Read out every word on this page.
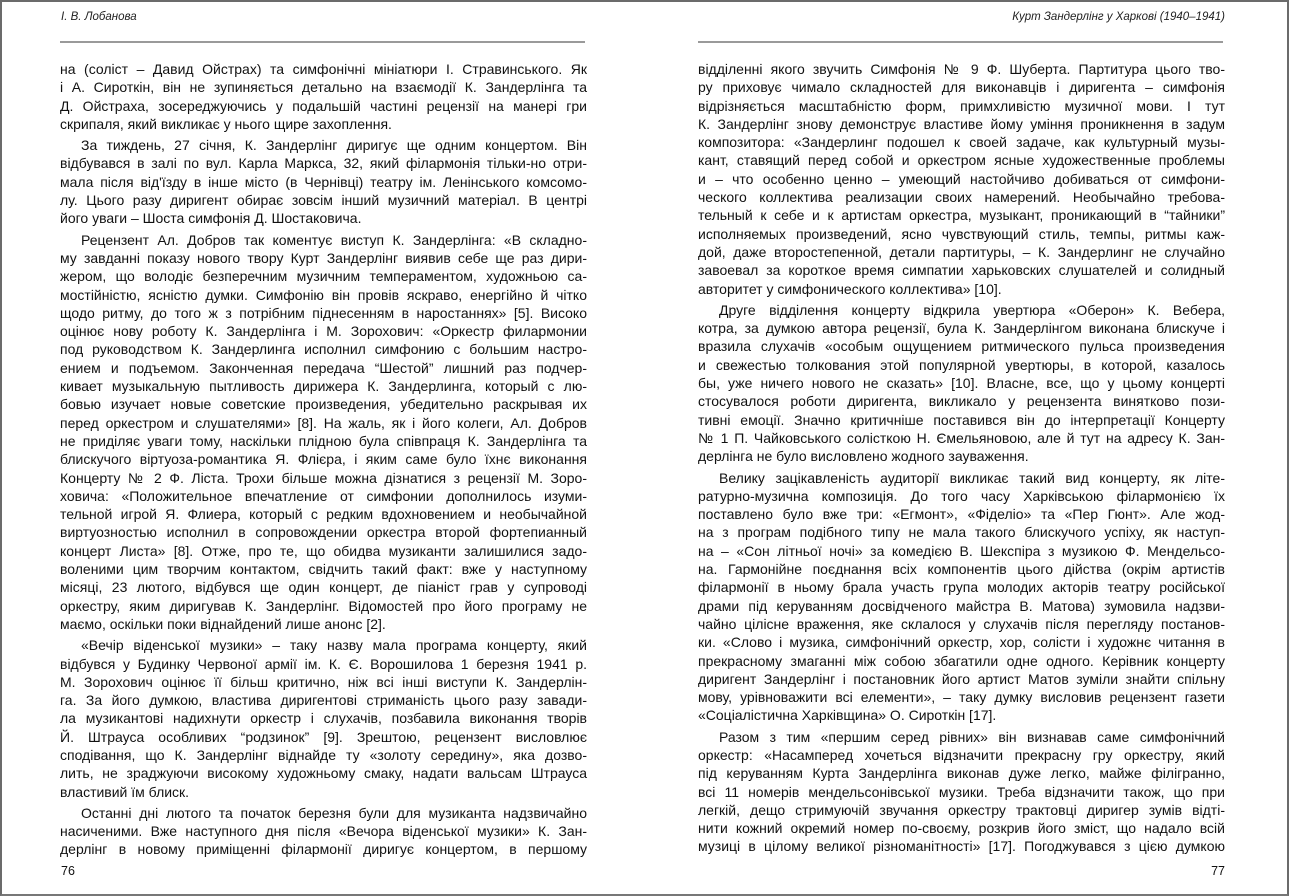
І. В. Лобанова
на (соліст – Давид Ойстрах) та симфонічні мініатюри І. Стравинського. Як
і А. Сироткін, він не зупиняється детально на взаємодії К. Зандерлінга та
Д. Ойстраха, зосереджуючись у подальшій частині рецензії на манері гри
скрипаля, який викликає у нього щире захоплення.
За тиждень, 27 січня, К. Зандерлінг диригує ще одним концертом. Він
відбувався в залі по вул. Карла Маркса, 32, який філармонія тільки-но отри-
мала після від'їзду в інше місто (в Чернівці) театру ім. Ленінського комсомо-
лу. Цього разу диригент обирає зовсім інший музичний матеріал. В центрі
його уваги – Шоста симфонія Д. Шостаковича.
Рецензент Ал. Добров так коментує виступ К. Зандерлінга: «В складно-
му завданні показу нового твору Курт Зандерлінг виявив себе ще раз дири-
жером, що володіє безперечним музичним темпераментом, художньою са-
мостійністю, ясністю думки. Симфонію він провів яскраво, енергійно й чітко
щодо ритму, до того ж з потрібним піднесенням в наростаннях» [5]. Високо
оцінює нову роботу К. Зандерлінга і М. Зорохович: «Оркестр филармонии
под руководством К. Зандерлинга исполнил симфонию с большим настро-
ением и подъемом. Законченная передача “Шестой” лишний раз подчер-
кивает музыкальную пытливость дирижера К. Зандерлинга, который с лю-
бовью изучает новые советские произведения, убедительно раскрывая их
перед оркестром и слушателями» [8]. На жаль, як і його колеги, Ал. Добров
не приділяє уваги тому, наскільки плідною була співпраця К. Зандерлінга та
блискучого віртуоза-романтика Я. Флієра, і яким саме було їхнє виконання
Концерту № 2 Ф. Ліста. Трохи більше можна дізнатися з рецензії М. Зоро-
ховича: «Положительное впечатление от симфонии дополнилось изуми-
тельной игрой Я. Флиера, который с редким вдохновением и необычайной
виртуозностью исполнил в сопровождении оркестра второй фортепианный
концерт Листа» [8]. Отже, про те, що обидва музиканти залишилися задо-
воленими цим творчим контактом, свідчить такий факт: вже у наступному
місяці, 23 лютого, відбувся ще один концерт, де піаніст грав у супроводі
оркестру, яким диригував К. Зандерлінг. Відомостей про його програму не
маємо, оскільки поки віднайдений лише анонс [2].
«Вечір віденської музики» – таку назву мала програма концерту, який
відбувся у Будинку Червоної армії ім. К. Є. Ворошилова 1 березня 1941 р.
М. Зорохович оцінює її більш критично, ніж всі інші виступи К. Зандерлін-
га. За його думкою, властива диригентові стриманість цього разу завади-
ла музикантові надихнути оркестр і слухачів, позбавила виконання творів
Й. Штрауса особливих “родзинок” [9]. Зрештою, рецензент висловлює
сподівання, що К. Зандерлінг віднайде ту «золоту середину», яка дозво-
лить, не зраджуючи високому художньому смаку, надати вальсам Штрауса
властивий їм блиск.
Останні дні лютого та початок березня були для музиканта надзвичайно
насиченими. Вже наступного дня після «Вечора віденської музики» К. Зан-
дерлінг в новому приміщенні філармонії диригує концертом, в першому
76
Курт Зандерлінг у Харкові (1940–1941)
відділенні якого звучить Симфонія № 9 Ф. Шуберта. Партитура цього тво-
ру приховує чимало складностей для виконавців і диригента – симфонія
відрізняється масштабністю форм, примхливістю музичної мови. І тут
К. Зандерлінг знову демонструє властиве йому уміння проникнення в задум
композитора: «Зандерлинг подошел к своей задаче, как культурный музы-
кант, ставящий перед собой и оркестром ясные художественные проблемы
и – что особенно ценно – умеющий настойчиво добиваться от симфони-
ческого коллектива реализации своих намерений. Необычайно требова-
тельный к себе и к артистам оркестра, музыкант, проникающий в “тайники”
исполняемых произведений, ясно чувствующий стиль, темпы, ритмы каж-
дой, даже второстепенной, детали партитуры, – К. Зандерлинг не случайно
завоевал за короткое время симпатии харьковских слушателей и солидный
авторитет у симфонического коллектива» [10].
Друге відділення концерту відкрила увертюра «Оберон» К. Вебера,
котра, за думкою автора рецензії, була К. Зандерлінгом виконана блискуче і
вразила слухачів «особым ощущением ритмического пульса произведения
и свежестью толкования этой популярной увертюры, в которой, казалось
бы, уже ничего нового не сказать» [10]. Власне, все, що у цьому концерті
стосувалося роботи диригента, викликало у рецензента винятково пози-
тивні емоції. Значно критичніше поставився він до інтерпретації Концерту
№ 1 П. Чайковського солісткою Н. Ємельяновою, але й тут на адресу К. Зан-
дерлінга не було висловлено жодного зауваження.
Велику зацікавленість аудиторії викликає такий вид концерту, як літе-
ратурно-музична композиція. До того часу Харківською філармонією їх
поставлено було вже три: «Егмонт», «Фіделіо» та «Пер Гюнт». Але жод-
на з програм подібного типу не мала такого блискучого успіху, як наступ-
на – «Сон літньої ночі» за комедією В. Шекспіра з музикою Ф. Мендельсо-
на. Гармонійне поєднання всіх компонентів цього дійства (окрім артистів
філармонії в ньому брала участь група молодих акторів театру російської
драми під керуванням досвідченого майстра В. Матова) зумовила надзви-
чайно цілісне враження, яке склалося у слухачів після перегляду постанов-
ки. «Слово і музика, симфонічний оркестр, хор, солісти і художнє читання в
прекрасному змаганні між собою збагатили одне одного. Керівник концерту
диригент Зандерлінг і постановник його артист Матов зуміли знайти спільну
мову, урівноважити всі елементи», – таку думку висловив рецензент газети
«Соціалістична Харківщина» О. Сироткін [17].
Разом з тим «першим серед рівних» він визнавав саме симфонічний
оркестр: «Насамперед хочеться відзначити прекрасну гру оркестру, який
під керуванням Курта Зандерлінга виконав дуже легко, майже філігранно,
всі 11 номерів мендельсонівської музики. Треба відзначити також, що при
легкій, дещо стримуючій звучання оркестру трактовці диригер зумів відті-
нити кожний окремий номер по-своєму, розкрив його зміст, що надало всій
музиці в цілому великої різноманітності» [17]. Погоджувався з цією думкою
77
